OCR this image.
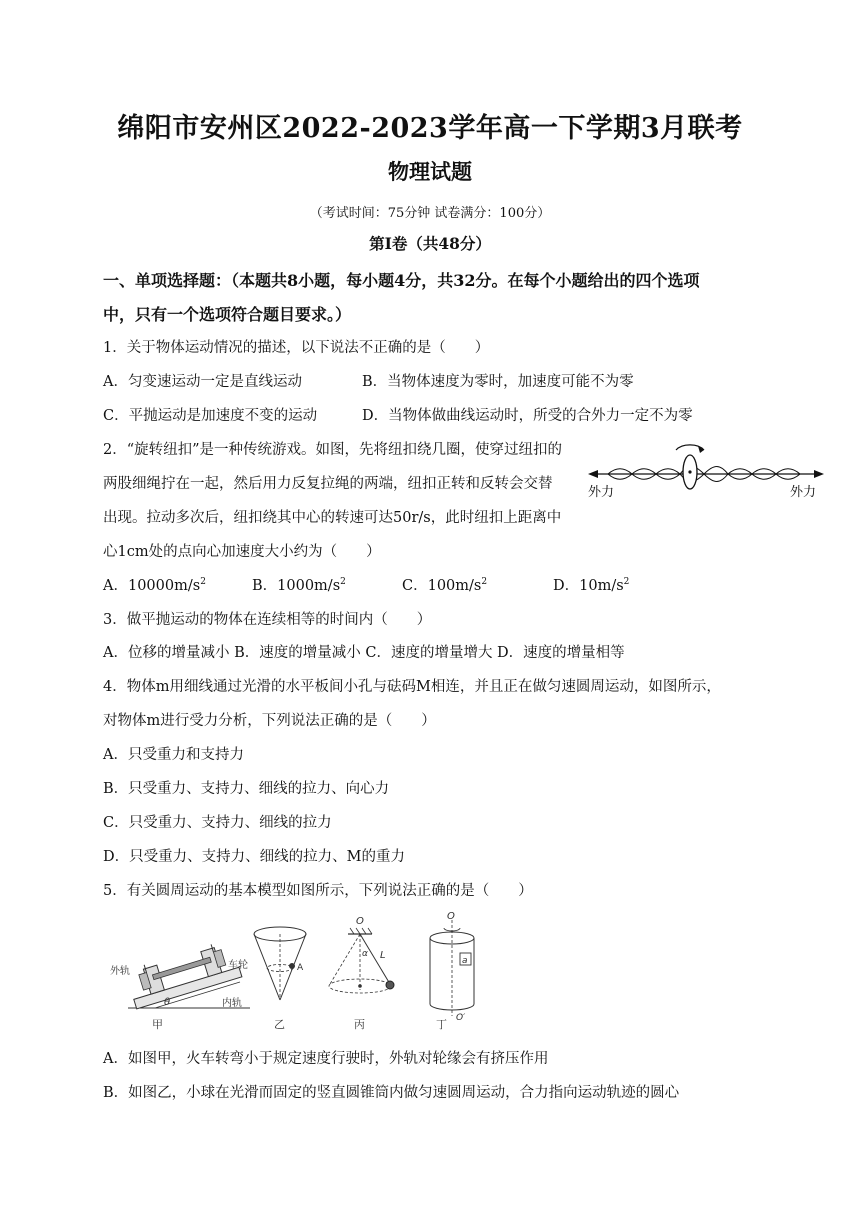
绵阳市安州区2022-2023学年高一下学期3月联考
物理试题
（考试时间：75分钟 试卷满分：100分）
第I卷（共48分）
一、单项选择题：（本题共8小题，每小题4分，共32分。在每个小题给出的四个选项
中，只有一个选项符合题目要求。）
1．关于物体运动情况的描述，以下说法不正确的是（　　）
A．匀变速运动一定是直线运动	B．当物体速度为零时，加速度可能不为零
C．平抛运动是加速度不变的运动	D．当物体做曲线运动时，所受的合外力一定不为零
2．“旋转纽扣”是一种传统游戏。如图，先将纽扣绕几圈，使穿过纽扣的
两股细绳拧在一起，然后用力反复拉绳的两端，纽扣正转和反转会交替
出现。拉动多次后，纽扣绕其中心的转速可达50r/s，此时纽扣上距离中
心1cm处的点向心加速度大小约为（　　）
A．$10000m/s^2$	B．$1000m/s^2$	C．$100m/s^2$	D．$10m/s^2$
外力	外力
3．做平抛运动的物体在连续相等的时间内（　　）
A．位移的增量减小 B．速度的增量减小 C．速度的增量增大 D．速度的增量相等
4．物体m用细线通过光滑的水平板间小孔与砝码M相连，并且正在做匀速圆周运动，如图所示，
对物体m进行受力分析，下列说法正确的是（　　）
A．只受重力和支持力
B．只受重力、支持力、细线的拉力、向心力
C．只受重力、支持力、细线的拉力
D．只受重力、支持力、细线的拉力、M的重力
5．有关圆周运动的基本模型如图所示，下列说法正确的是（　　）
外轨
车轮
内轨
θ
甲
A
乙
O
α L
丙
O
a
O′
丁
A．如图甲，火车转弯小于规定速度行驶时，外轨对轮缘会有挤压作用
B．如图乙，小球在光滑而固定的竖直圆锥筒内做匀速圆周运动，合力指向运动轨迹的圆心
